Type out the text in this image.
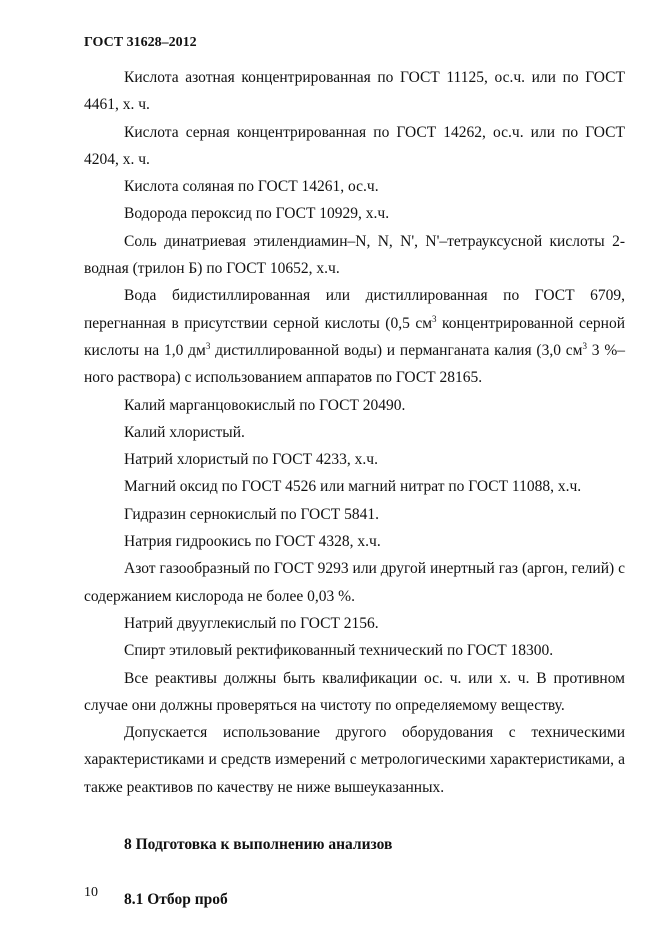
ГОСТ 31628–2012

Кислота азотная концентрированная по ГОСТ 11125, ос.ч. или по ГОСТ 4461, х. ч.

Кислота серная концентрированная по ГОСТ 14262, ос.ч. или по ГОСТ 4204, х. ч.

Кислота соляная по ГОСТ 14261, ос.ч.

Водорода пероксид по ГОСТ 10929, х.ч.

Соль динатриевая этилендиамин–N, N, N', N'–тетрауксусной кислоты 2-водная (трилон Б) по ГОСТ 10652, х.ч.

Вода бидистиллированная или дистиллированная по ГОСТ 6709, перегнанная в присутствии серной кислоты (0,5 $см^3$ концентрированной серной кислоты на 1,0 $дм^3$ дистиллированной воды) и перманганата калия (3,0 $см^3$ 3 %–ного раствора) с использованием аппаратов по ГОСТ 28165.

Калий марганцовокислый по ГОСТ 20490.

Калий хлористый.

Натрий хлористый по ГОСТ 4233, х.ч.

Магний оксид по ГОСТ 4526 или магний нитрат по ГОСТ 11088, х.ч.

Гидразин сернокислый по ГОСТ 5841.

Натрия гидроокись по ГОСТ 4328, х.ч.

Азот газообразный по ГОСТ 9293 или другой инертный газ (аргон, гелий) с содержанием кислорода не более 0,03 %.

Натрий двууглекислый по ГОСТ 2156.

Спирт этиловый ректификованный технический по ГОСТ 18300.

Все реактивы должны быть квалификации ос. ч. или х. ч. В противном случае они должны проверяться на чистоту по определяемому веществу.

Допускается использование другого оборудования с техническими характеристиками и средств измерений с метрологическими характеристиками, а также реактивов по качеству не ниже вышеуказанных.

8 Подготовка к выполнению анализов

8.1 Отбор проб

10
